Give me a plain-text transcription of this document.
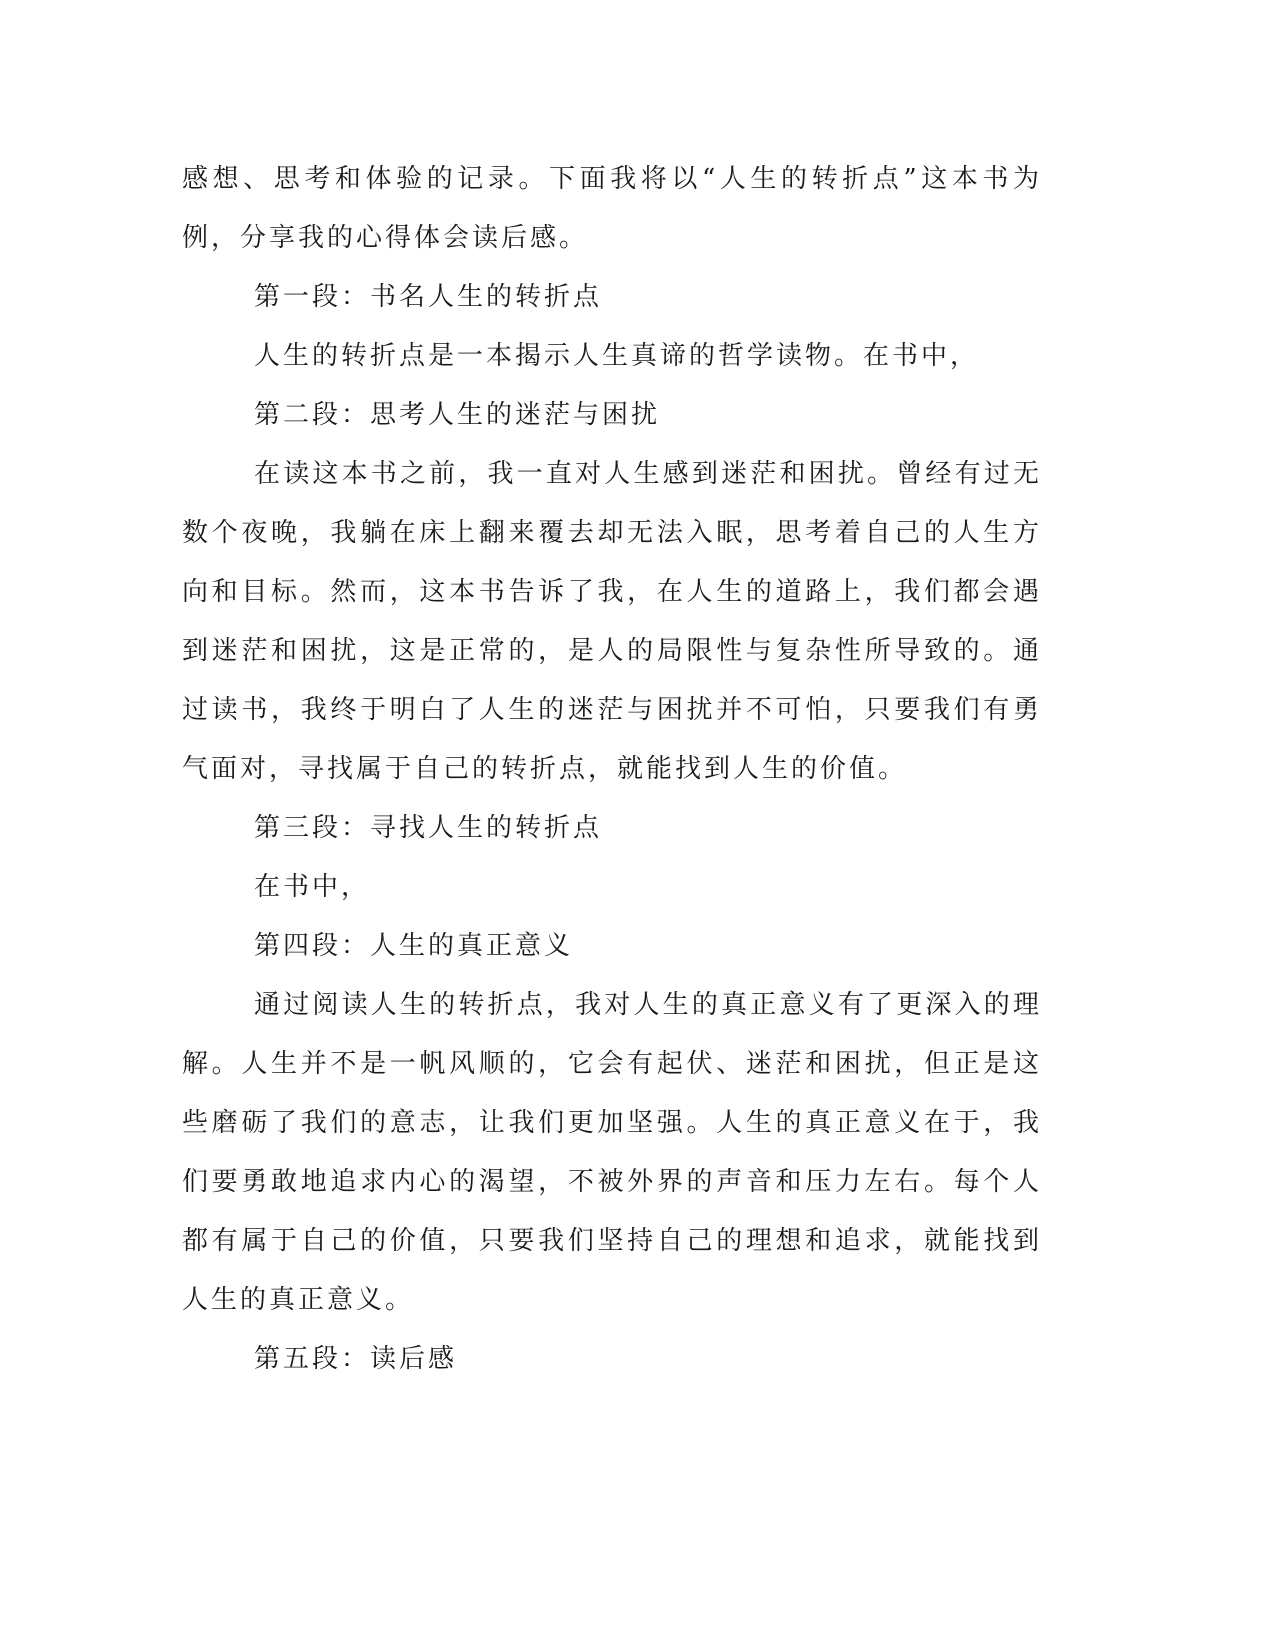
感想、思考和体验的记录。下面我将以“人生的转折点”这本书为例，分享我的心得体会读后感。

第一段：书名人生的转折点

人生的转折点是一本揭示人生真谛的哲学读物。在书中，

第二段：思考人生的迷茫与困扰

在读这本书之前，我一直对人生感到迷茫和困扰。曾经有过无数个夜晚，我躺在床上翻来覆去却无法入眠，思考着自己的人生方向和目标。然而，这本书告诉了我，在人生的道路上，我们都会遇到迷茫和困扰，这是正常的，是人的局限性与复杂性所导致的。通过读书，我终于明白了人生的迷茫与困扰并不可怕，只要我们有勇气面对，寻找属于自己的转折点，就能找到人生的价值。

第三段：寻找人生的转折点

在书中，

第四段：人生的真正意义

通过阅读人生的转折点，我对人生的真正意义有了更深入的理解。人生并不是一帆风顺的，它会有起伏、迷茫和困扰，但正是这些磨砺了我们的意志，让我们更加坚强。人生的真正意义在于，我们要勇敢地追求内心的渴望，不被外界的声音和压力左右。每个人都有属于自己的价值，只要我们坚持自己的理想和追求，就能找到人生的真正意义。

第五段：读后感
